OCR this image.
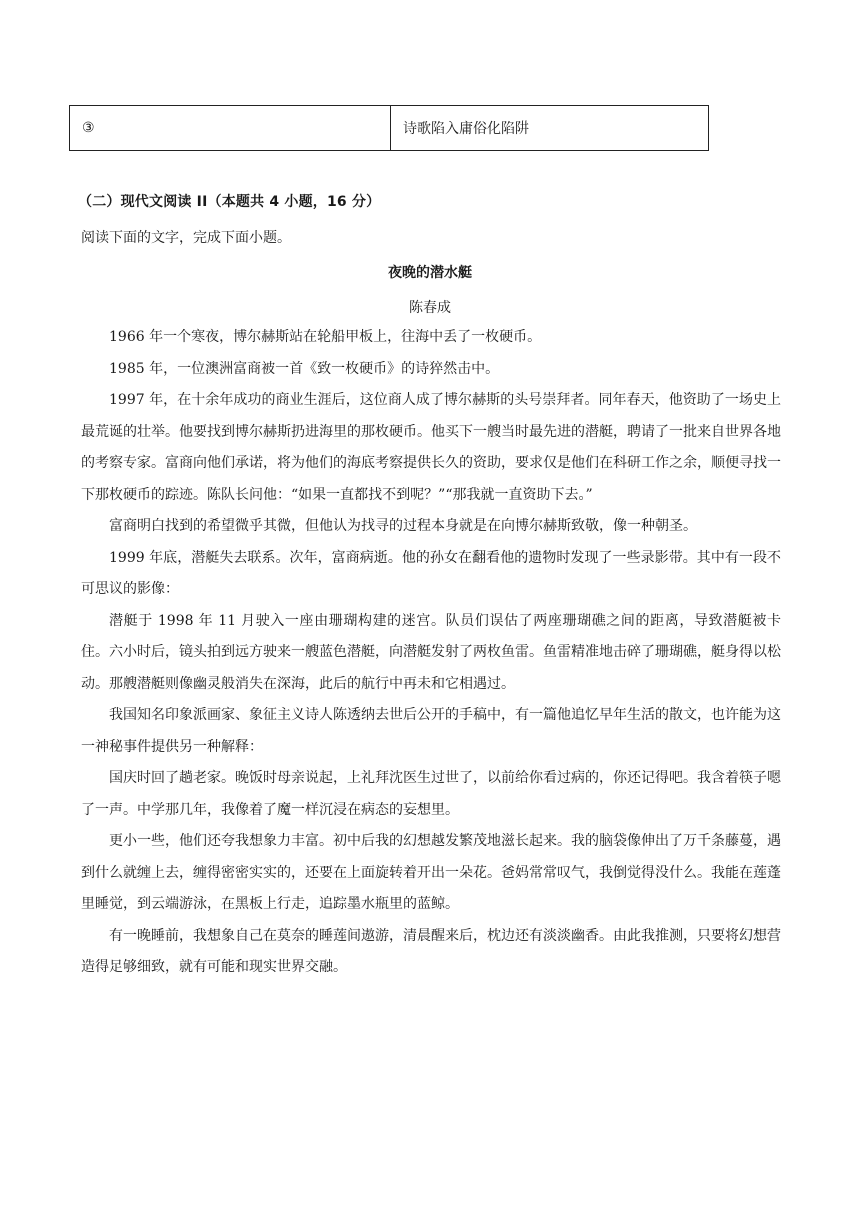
③	诗歌陷入庸俗化陷阱
（二）现代文阅读 II（本题共 4 小题，16 分）
阅读下面的文字，完成下面小题。
夜晚的潜水艇
陈春成

1966 年一个寒夜，博尔赫斯站在轮船甲板上，往海中丢了一枚硬币。

1985 年，一位澳洲富商被一首《致一枚硬币》的诗猝然击中。

1997 年，在十余年成功的商业生涯后，这位商人成了博尔赫斯的头号崇拜者。同年春天，他资助了一场史上最荒诞的壮举。他要找到博尔赫斯扔进海里的那枚硬币。他买下一艘当时最先进的潜艇，聘请了一批来自世界各地的考察专家。富商向他们承诺，将为他们的海底考察提供长久的资助，要求仅是他们在科研工作之余，顺便寻找一下那枚硬币的踪迹。陈队长问他：“如果一直都找不到呢？”“那我就一直资助下去。”

富商明白找到的希望微乎其微，但他认为找寻的过程本身就是在向博尔赫斯致敬，像一种朝圣。

1999 年底，潜艇失去联系。次年，富商病逝。他的孙女在翻看他的遗物时发现了一些录影带。其中有一段不可思议的影像：

潜艇于 1998 年 11 月驶入一座由珊瑚构建的迷宫。队员们误估了两座珊瑚礁之间的距离，导致潜艇被卡住。六小时后，镜头拍到远方驶来一艘蓝色潜艇，向潜艇发射了两枚鱼雷。鱼雷精准地击碎了珊瑚礁，艇身得以松动。那艘潜艇则像幽灵般消失在深海，此后的航行中再未和它相遇过。

我国知名印象派画家、象征主义诗人陈透纳去世后公开的手稿中，有一篇他追忆早年生活的散文，也许能为这一神秘事件提供另一种解释：

国庆时回了趟老家。晚饭时母亲说起，上礼拜沈医生过世了，以前给你看过病的，你还记得吧。我含着筷子嗯了一声。中学那几年，我像着了魔一样沉浸在病态的妄想里。

更小一些，他们还夸我想象力丰富。初中后我的幻想越发繁茂地滋长起来。我的脑袋像伸出了万千条藤蔓，遇到什么就缠上去，缠得密密实实的，还要在上面旋转着开出一朵花。爸妈常常叹气，我倒觉得没什么。我能在莲蓬里睡觉，到云端游泳，在黑板上行走，追踪墨水瓶里的蓝鲸。

有一晚睡前，我想象自己在莫奈的睡莲间遨游，清晨醒来后，枕边还有淡淡幽香。由此我推测，只要将幻想营造得足够细致，就有可能和现实世界交融。
